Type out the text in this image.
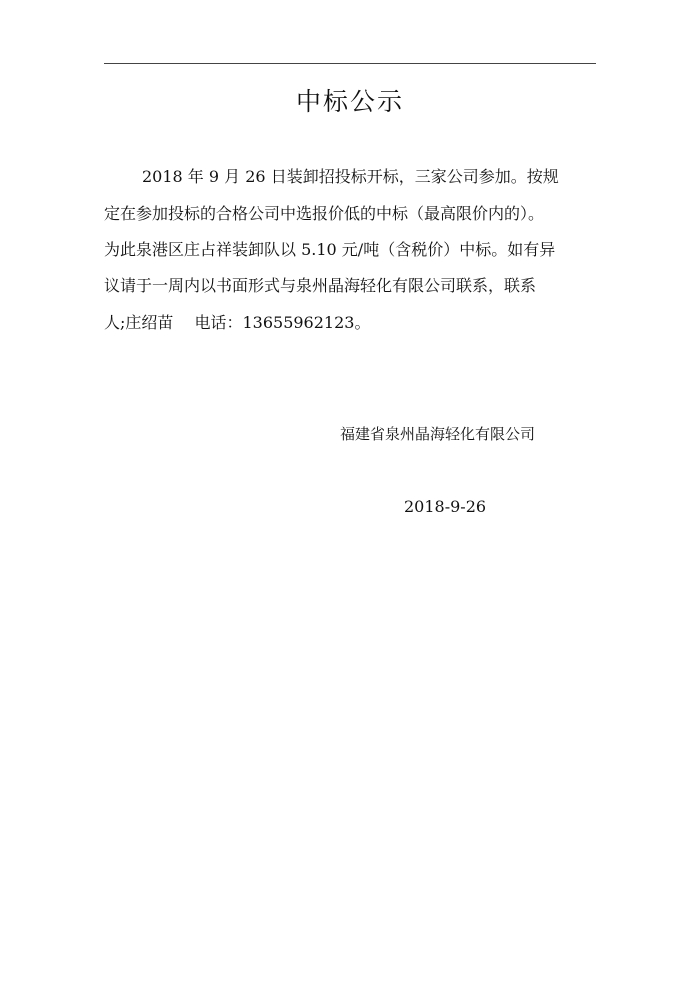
中标公示
2018 年 9 月 26 日装卸招投标开标，三家公司参加。按规
定在参加投标的合格公司中选报价低的中标（最高限价内的）。
为此泉港区庄占祥装卸队以 5.10 元/吨（含税价）中标。如有异
议请于一周内以书面形式与泉州晶海轻化有限公司联系，联系
人;庄绍苗　 电话：13655962123。
福建省泉州晶海轻化有限公司
2018-9-26
